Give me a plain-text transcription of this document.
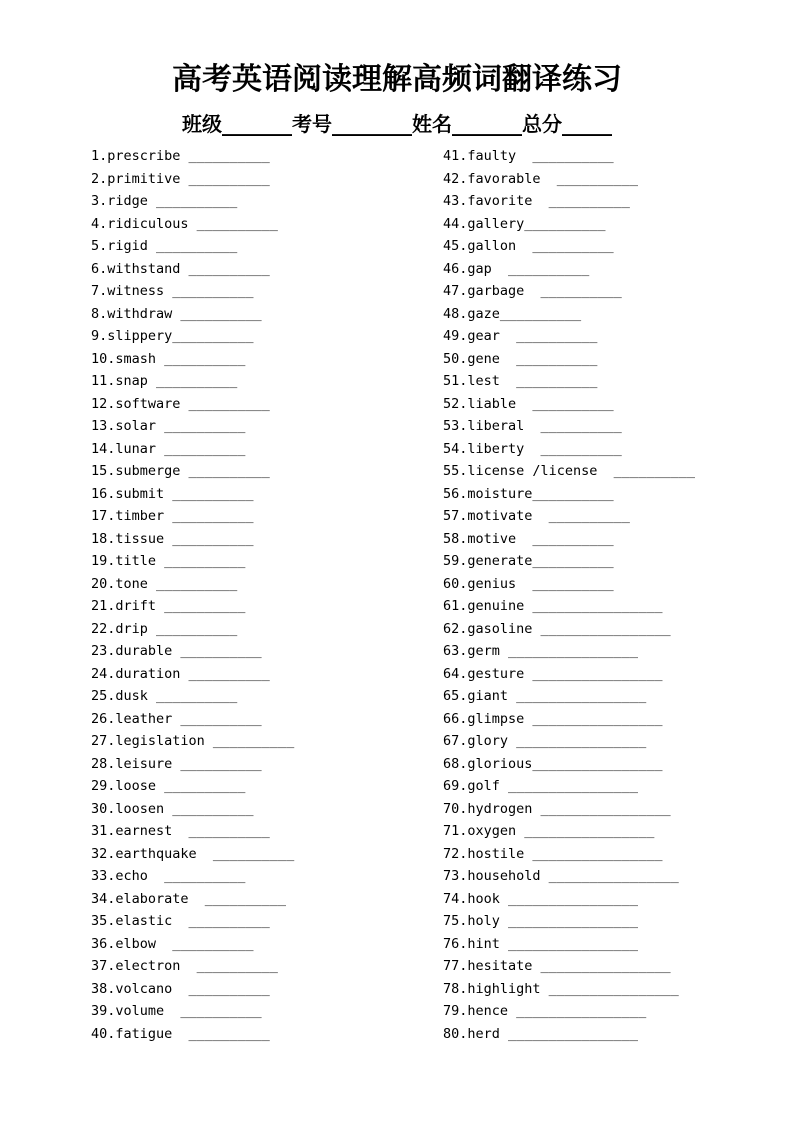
高考英语阅读理解高频词翻译练习
班级_______考号________姓名_______总分_____
1.prescribe __________
2.primitive __________
3.ridge __________
4.ridiculous __________
5.rigid __________
6.withstand __________
7.witness __________
8.withdraw __________
9.slippery__________
10.smash __________
11.snap __________
12.software __________
13.solar __________
14.lunar __________
15.submerge __________
16.submit __________
17.timber __________
18.tissue __________
19.title __________
20.tone __________
21.drift __________
22.drip __________
23.durable __________
24.duration __________
25.dusk __________
26.leather __________
27.legislation __________
28.leisure __________
29.loose __________
30.loosen __________
31.earnest  __________
32.earthquake  __________
33.echo  __________
34.elaborate  __________
35.elastic  __________
36.elbow  __________
37.electron  __________
38.volcano  __________
39.volume  __________
40.fatigue  __________
41.faulty  __________
42.favorable  __________
43.favorite  __________
44.gallery__________
45.gallon  __________
46.gap  __________
47.garbage  __________
48.gaze__________
49.gear  __________
50.gene  __________
51.lest  __________
52.liable  __________
53.liberal  __________
54.liberty  __________
55.license /license  __________
56.moisture__________
57.motivate  __________
58.motive  __________
59.generate__________
60.genius  __________
61.genuine ________________
62.gasoline ________________
63.germ ________________
64.gesture ________________
65.giant ________________
66.glimpse ________________
67.glory ________________
68.glorious________________
69.golf ________________
70.hydrogen ________________
71.oxygen ________________
72.hostile ________________
73.household ________________
74.hook ________________
75.holy ________________
76.hint ________________
77.hesitate ________________
78.highlight ________________
79.hence ________________
80.herd ________________
